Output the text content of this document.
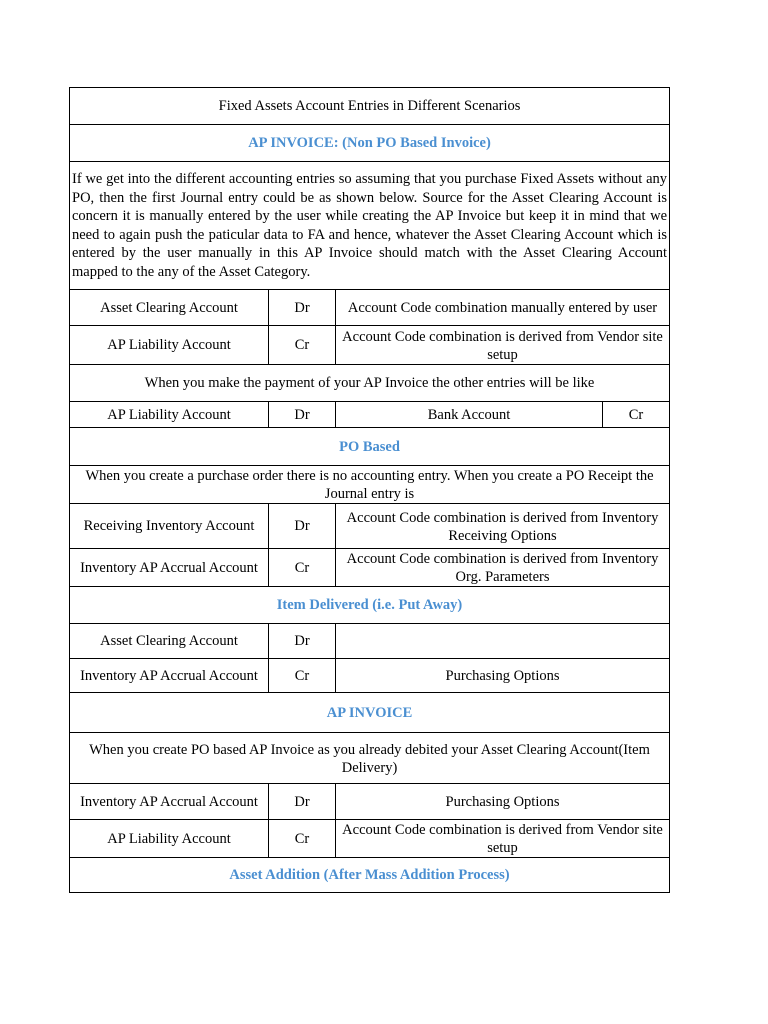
Fixed Assets Account Entries in Different Scenarios			
AP INVOICE: (Non PO Based Invoice)			
If we get into the different accounting entries so assuming that you purchase Fixed Assets without any PO, then the first Journal entry could be as shown below. Source for the Asset Clearing Account is concern it is manually entered by the user while creating the AP Invoice but keep it in mind that we need to again push the paticular data to FA and hence, whatever the Asset Clearing Account which is entered by the user manually in this AP Invoice should match with the Asset Clearing Account mapped to the any of the Asset Category.			
Asset Clearing Account	Dr	Account Code combination manually entered by user	
AP Liability Account	Cr	Account Code combination is derived from Vendor site setup	
When you make the payment of your AP Invoice the other entries will be like			
AP Liability Account	Dr	Bank Account	Cr
PO Based			
When you create a purchase order there is no accounting entry. When you create a PO Receipt the Journal entry is			
Receiving Inventory Account	Dr	Account Code combination is derived from Inventory Receiving Options	
Inventory AP Accrual Account	Cr	Account Code combination is derived from Inventory Org. Parameters	
Item Delivered (i.e. Put Away)			
Asset Clearing Account	Dr		
Inventory AP Accrual Account	Cr	Purchasing Options	
AP INVOICE			
When you create PO based AP Invoice as you already debited your Asset Clearing Account(Item Delivery)			
Inventory AP Accrual Account	Dr	Purchasing Options	
AP Liability Account	Cr	Account Code combination is derived from Vendor site setup	
Asset Addition (After Mass Addition Process)			
